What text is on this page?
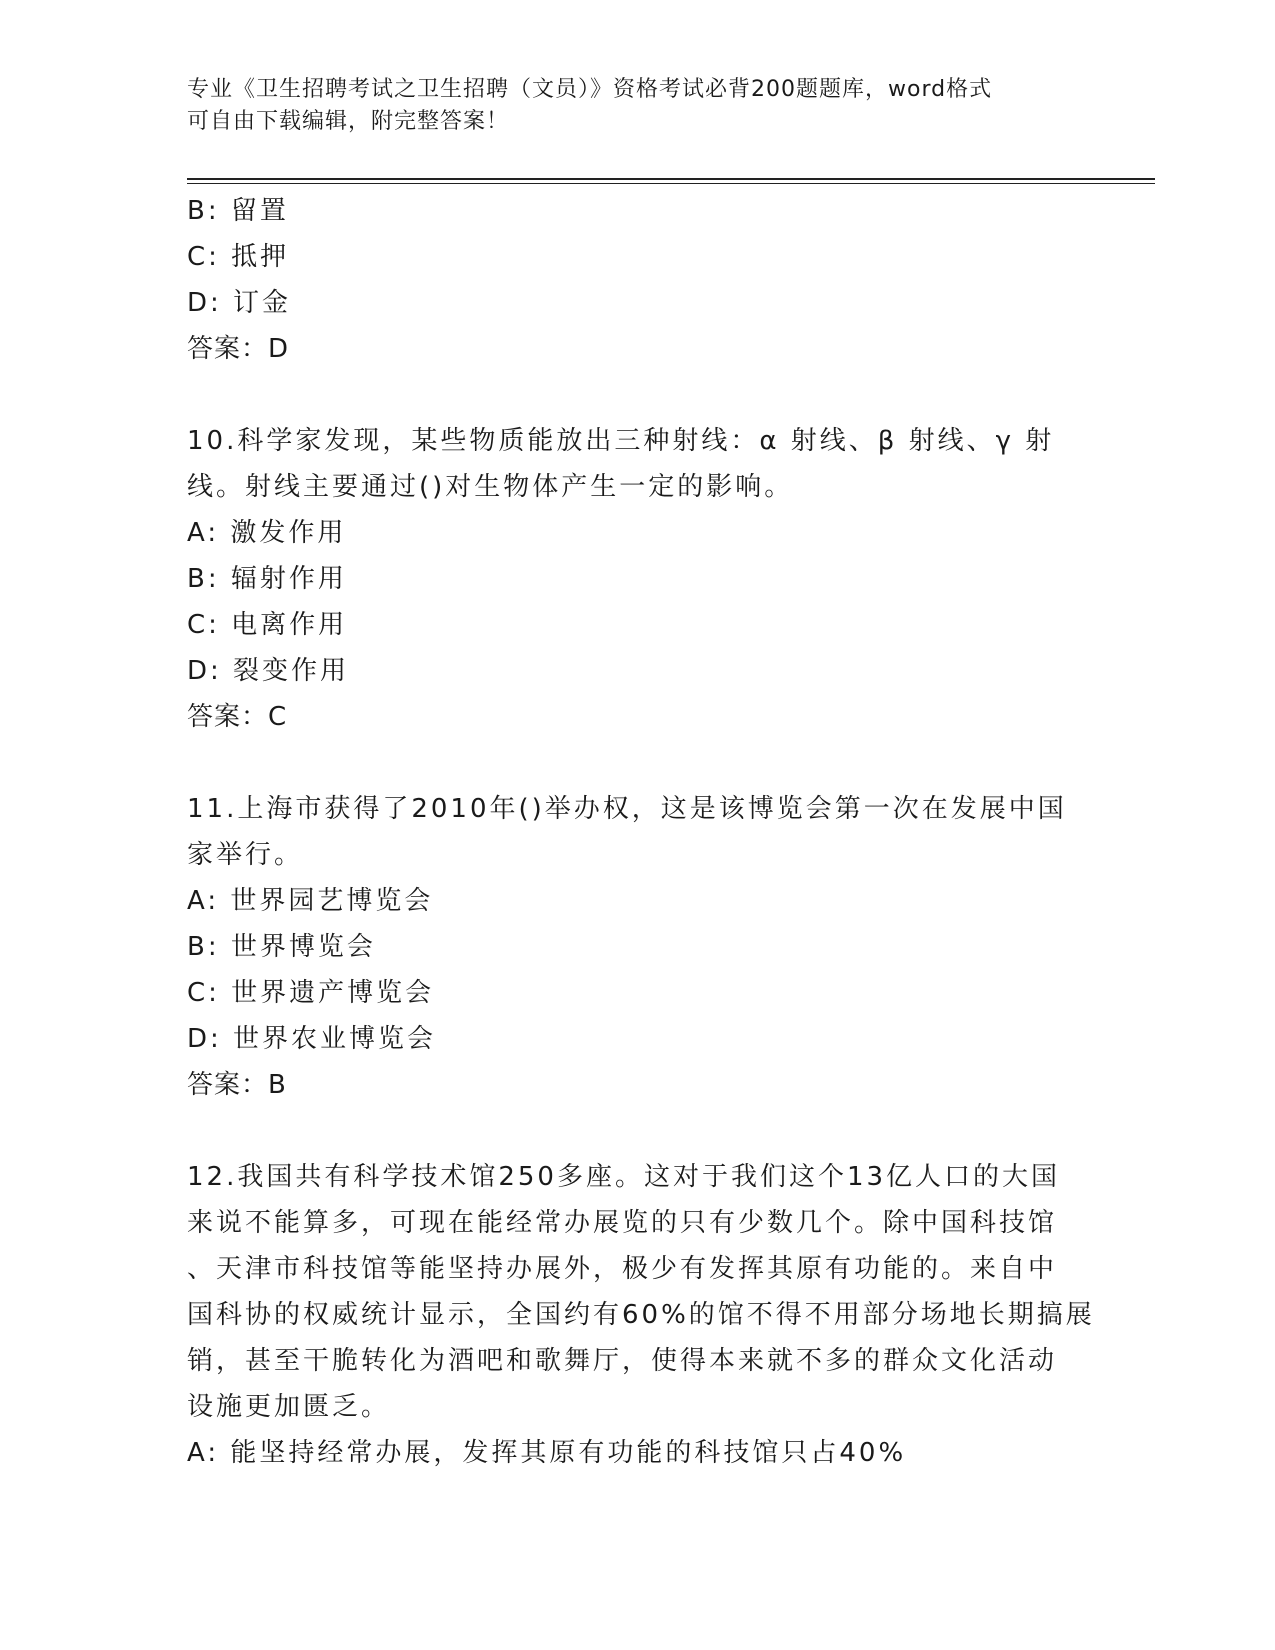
专业《卫生招聘考试之卫生招聘（文员）》资格考试必背200题题库，word格式
可自由下载编辑，附完整答案！
B: 留置
C: 抵押
D: 订金
答案：D
10.科学家发现，某些物质能放出三种射线：α 射线、β 射线、γ 射
线。射线主要通过()对生物体产生一定的影响。
A: 激发作用
B: 辐射作用
C: 电离作用
D: 裂变作用
答案：C
11.上海市获得了2010年()举办权，这是该博览会第一次在发展中国
家举行。
A: 世界园艺博览会
B: 世界博览会
C: 世界遗产博览会
D: 世界农业博览会
答案：B
12.我国共有科学技术馆250多座。这对于我们这个13亿人口的大国
来说不能算多，可现在能经常办展览的只有少数几个。除中国科技馆
、天津市科技馆等能坚持办展外，极少有发挥其原有功能的。来自中
国科协的权威统计显示，全国约有60%的馆不得不用部分场地长期搞展
销，甚至干脆转化为酒吧和歌舞厅，使得本来就不多的群众文化活动
设施更加匮乏。
A: 能坚持经常办展，发挥其原有功能的科技馆只占40%
